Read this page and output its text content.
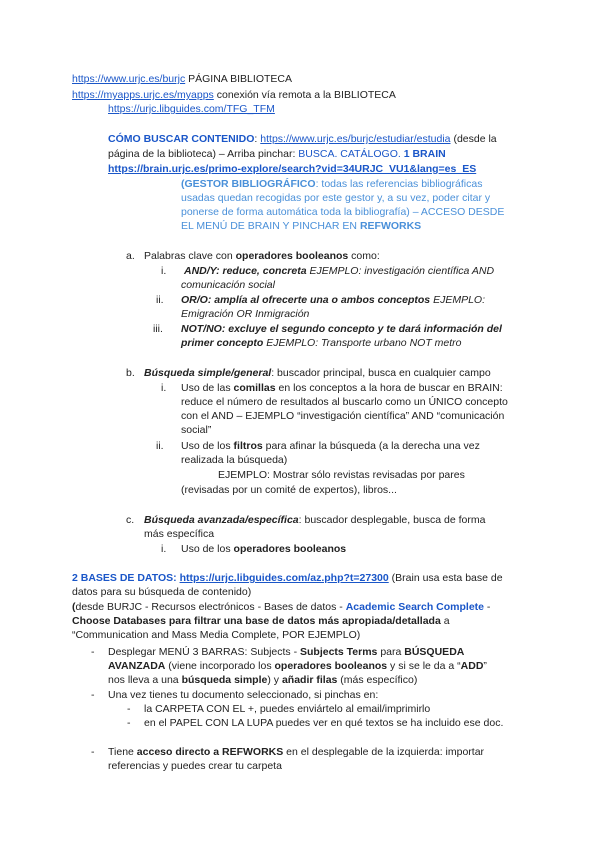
https://www.urjc.es/burjc PÁGINA BIBLIOTECA
https://myapps.urjc.es/myapps conexión vía remota a la BIBLIOTECA
https://urjc.libguides.com/TFG_TFM
CÓMO BUSCAR CONTENIDO: https://www.urjc.es/burjc/estudiar/estudia (desde la
página de la biblioteca) – Arriba pinchar: BUSCA. CATÁLOGO. 1 BRAIN
https://brain.urjc.es/primo-explore/search?vid=34URJC_VU1&lang=es_ES
(GESTOR BIBLIOGRÁFICO: todas las referencias bibliográficas
usadas quedan recogidas por este gestor y, a su vez, poder citar y
ponerse de forma automática toda la bibliografía) – ACCESO DESDE
EL MENÚ DE BRAIN Y PINCHAR EN REFWORKS
a. Palabras clave con operadores booleanos como:
i. AND/Y: reduce, concreta EJEMPLO: investigación científica AND
comunicación social
ii. OR/O: amplía al ofrecerte una o ambos conceptos EJEMPLO:
Emigración OR Inmigración
iii. NOT/NO: excluye el segundo concepto y te dará información del
primer concepto EJEMPLO: Transporte urbano NOT metro
b. Búsqueda simple/general: buscador principal, busca en cualquier campo
i. Uso de las comillas en los conceptos a la hora de buscar en BRAIN:
reduce el número de resultados al buscarlo como un ÚNICO concepto
con el AND – EJEMPLO “investigación científica” AND “comunicación
social”
ii. Uso de los filtros para afinar la búsqueda (a la derecha una vez
realizada la búsqueda)
EJEMPLO: Mostrar sólo revistas revisadas por pares
(revisadas por un comité de expertos), libros...
c. Búsqueda avanzada/específica: buscador desplegable, busca de forma
más específica
i. Uso de los operadores booleanos
2 BASES DE DATOS: https://urjc.libguides.com/az.php?t=27300 (Brain usa esta base de
datos para su búsqueda de contenido)
(desde BURJC - Recursos electrónicos - Bases de datos - Academic Search Complete -
Choose Databases para filtrar una base de datos más apropiada/detallada a
“Communication and Mass Media Complete, POR EJEMPLO)
- Desplegar MENÚ 3 BARRAS: Subjects - Subjects Terms para BÚSQUEDA
AVANZADA (viene incorporado los operadores booleanos y si se le da a “ADD”
nos lleva a una búsqueda simple) y añadir filas (más específico)
- Una vez tienes tu documento seleccionado, si pinchas en:
- la CARPETA CON EL +, puedes enviártelo al email/imprimirlo
- en el PAPEL CON LA LUPA puedes ver en qué textos se ha incluido ese doc.
- Tiene acceso directo a REFWORKS en el desplegable de la izquierda: importar
referencias y puedes crear tu carpeta
